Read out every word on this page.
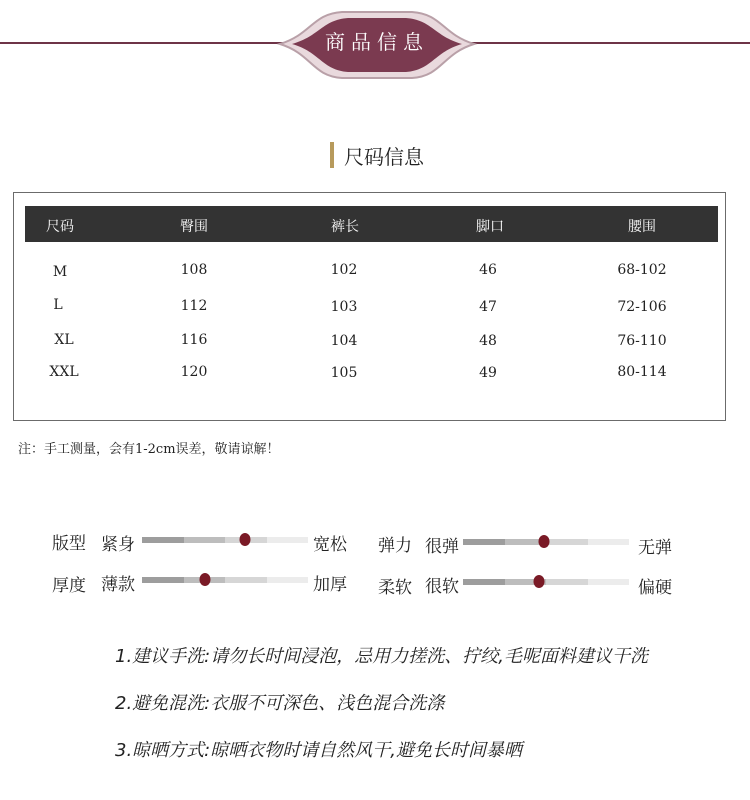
商品信息
尺码信息
尺码	臀围	裤长	脚口	腰围
M	108	102	46	68-102
L	112	103	47	72-106
XL	116	104	48	76-110
XXL	120	105	49	80-114
注：手工测量，会有1-2cm误差，敬请谅解！
版型 紧身	宽松 弹力 很弹	无弹
厚度 薄款	加厚 柔软 很软	偏硬
1.建议手洗:请勿长时间浸泡，忌用力搓洗、拧绞,毛呢面料建议干洗
2.避免混洗:衣服不可深色、浅色混合洗涤
3.晾晒方式:晾晒衣物时请自然风干,避免长时间暴晒
